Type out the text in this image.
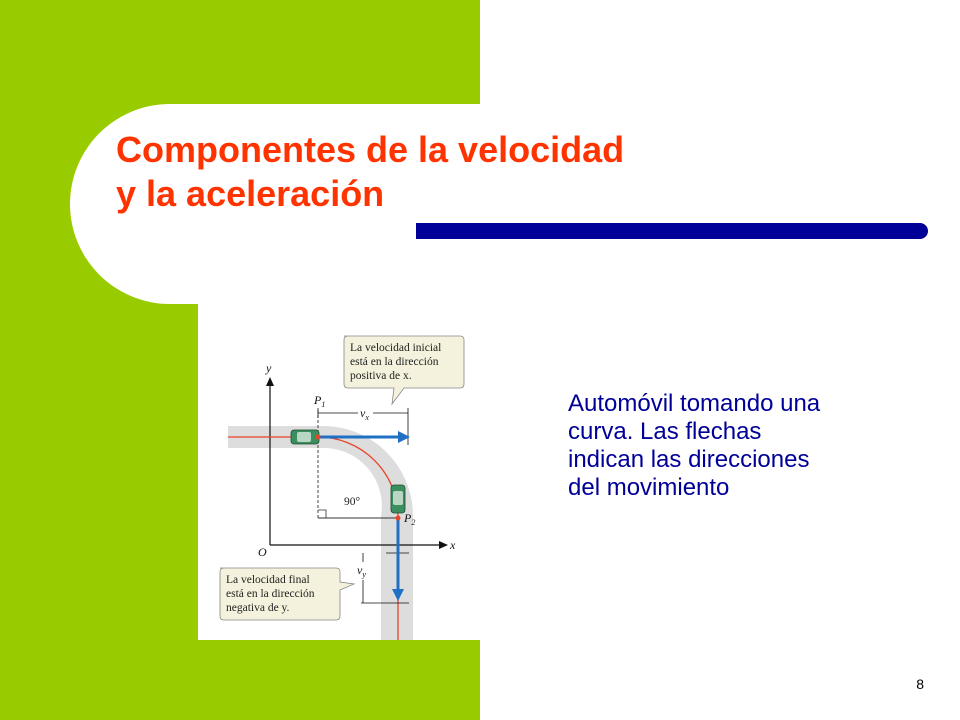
Componentes de la velocidad
y la aceleración
y
x
O
90°
$v_x$
$v_y$
$P_1$
$P_2$
La velocidad inicial
está en la dirección
positiva de x.
La velocidad final
está en la dirección
negativa de y.
Automóvil tomando una
curva. Las flechas
indican las direcciones
del movimiento
8
